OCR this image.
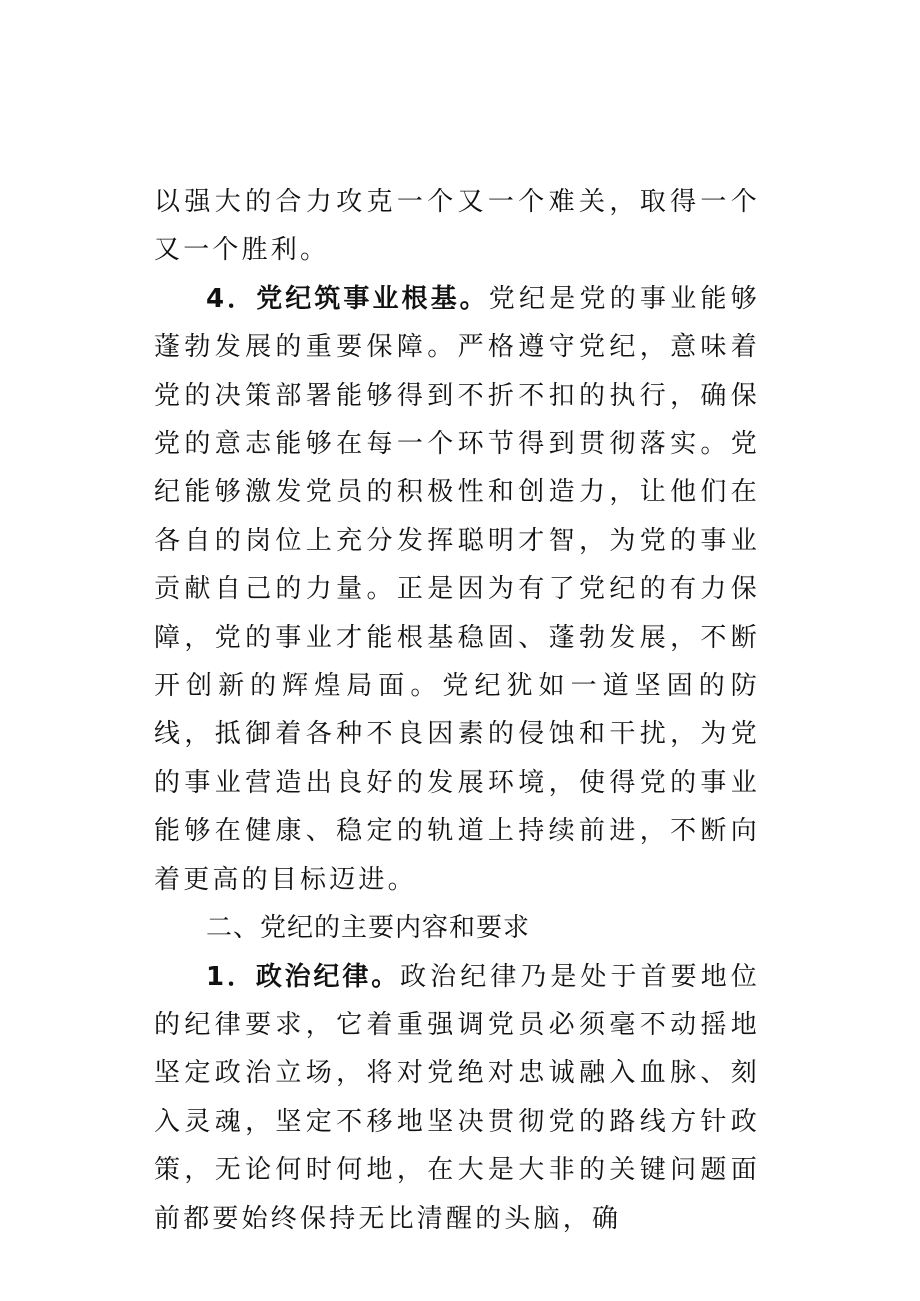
以强大的合力攻克一个又一个难关，取得一个又一个胜利。

4．党纪筑事业根基。党纪是党的事业能够蓬勃发展的重要保障。严格遵守党纪，意味着党的决策部署能够得到不折不扣的执行，确保党的意志能够在每一个环节得到贯彻落实。党纪能够激发党员的积极性和创造力，让他们在各自的岗位上充分发挥聪明才智，为党的事业贡献自己的力量。正是因为有了党纪的有力保障，党的事业才能根基稳固、蓬勃发展，不断开创新的辉煌局面。党纪犹如一道坚固的防线，抵御着各种不良因素的侵蚀和干扰，为党的事业营造出良好的发展环境，使得党的事业能够在健康、稳定的轨道上持续前进，不断向着更高的目标迈进。

二、党纪的主要内容和要求

1．政治纪律。政治纪律乃是处于首要地位的纪律要求，它着重强调党员必须毫不动摇地坚定政治立场，将对党绝对忠诚融入血脉、刻入灵魂，坚定不移地坚决贯彻党的路线方针政策，无论何时何地，在大是大非的关键问题面前都要始终保持无比清醒的头脑，确
